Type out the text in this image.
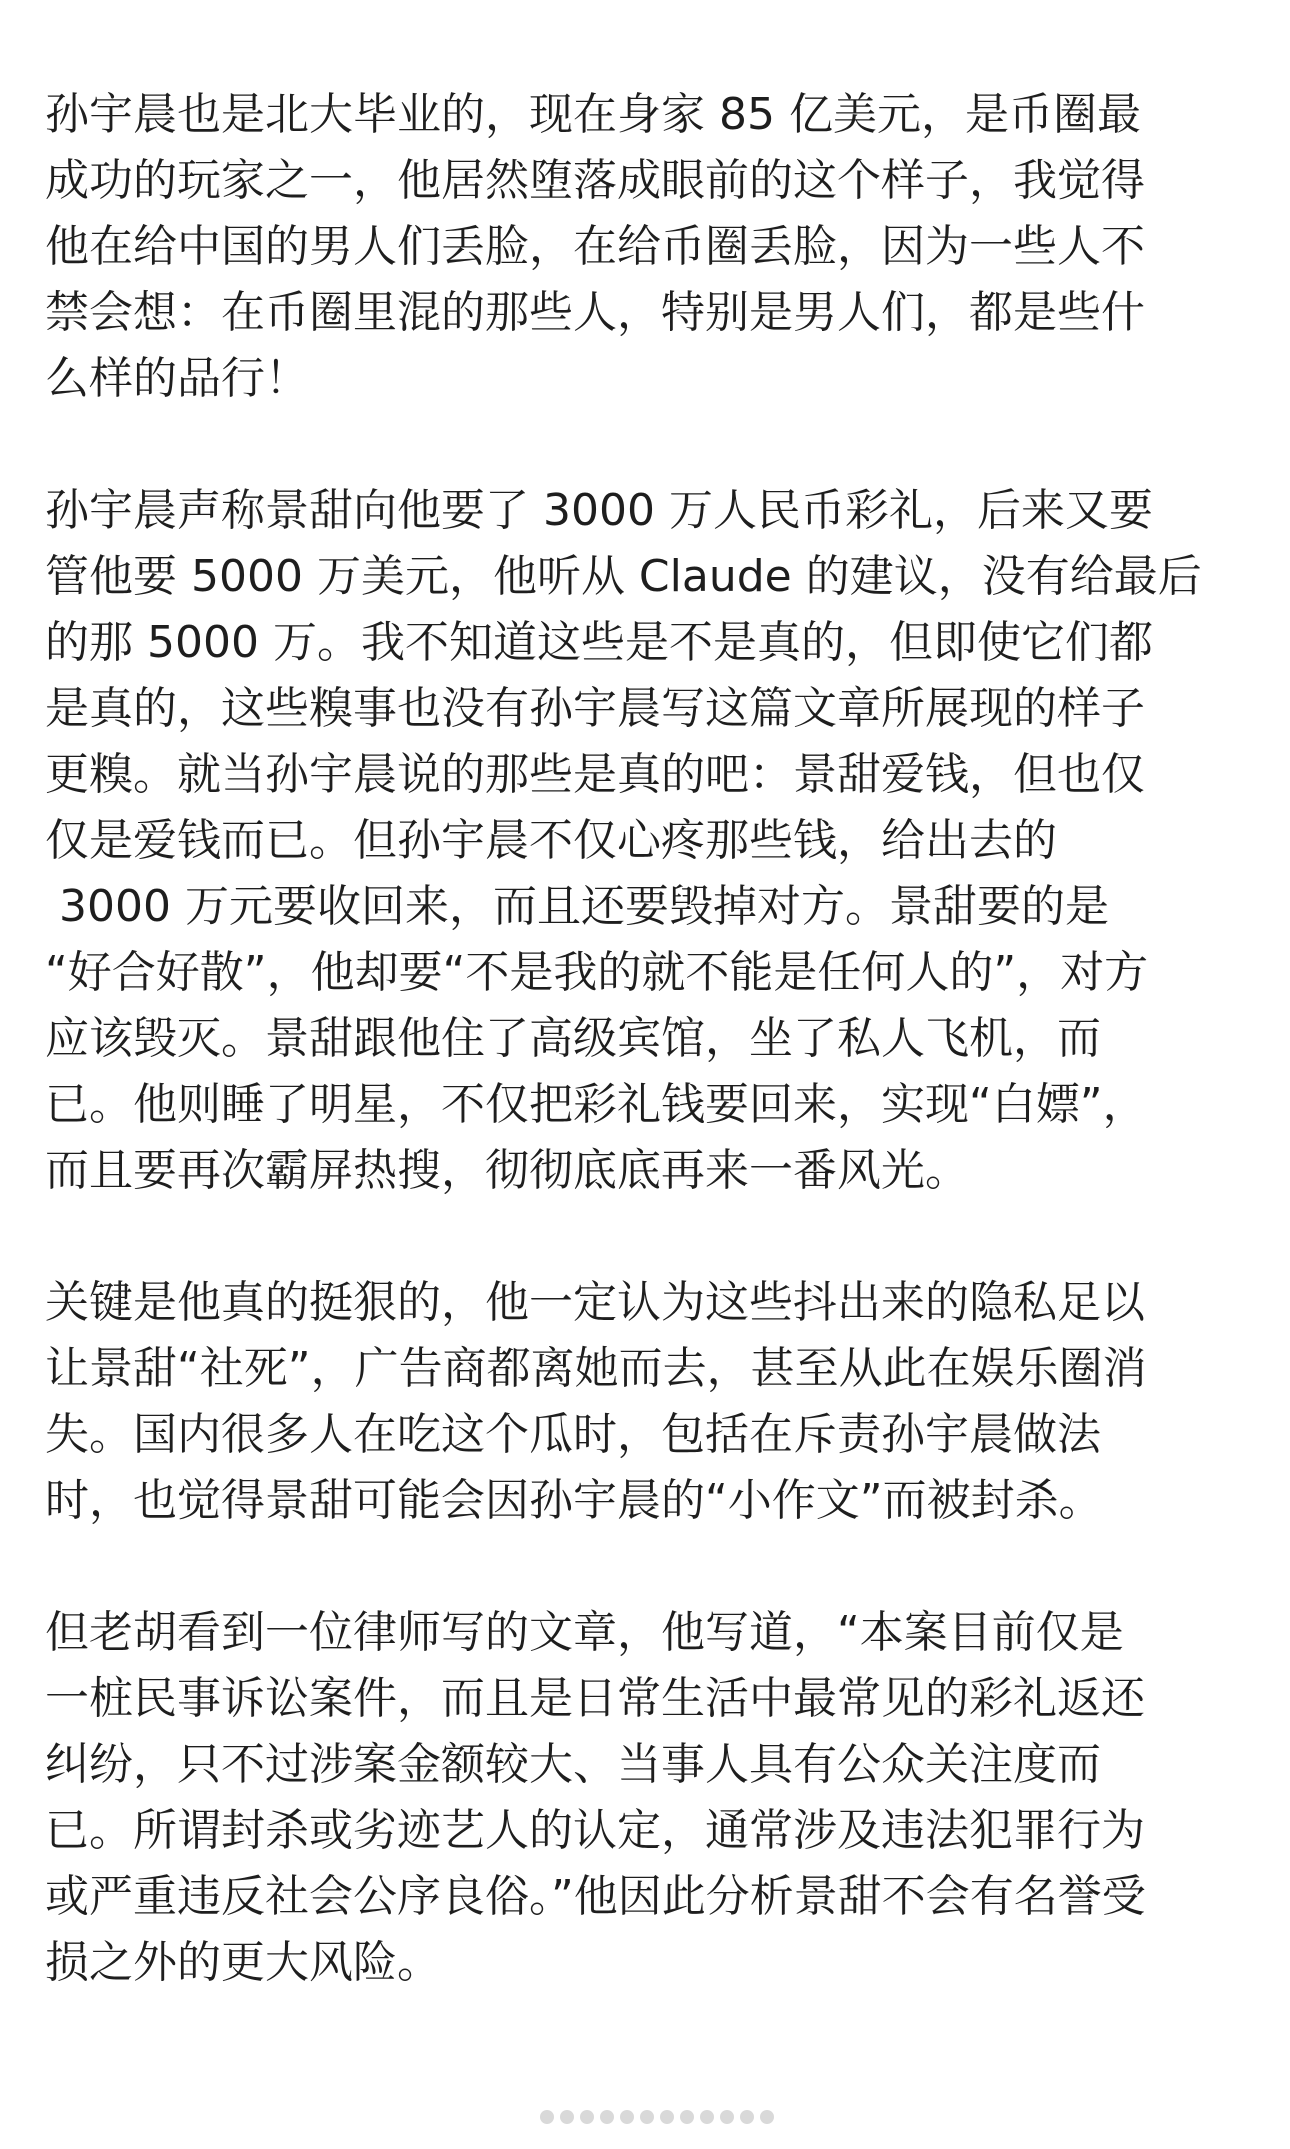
孙宇晨也是北大毕业的，现在身家 85 亿美元，是币圈最
成功的玩家之一，他居然堕落成眼前的这个样子，我觉得
他在给中国的男人们丢脸，在给币圈丢脸，因为一些人不
禁会想：在币圈里混的那些人，特别是男人们，都是些什
么样的品行！
孙宇晨声称景甜向他要了 3000 万人民币彩礼，后来又要
管他要 5000 万美元，他听从 Claude 的建议，没有给最后
的那 5000 万。我不知道这些是不是真的，但即使它们都
是真的，这些糗事也没有孙宇晨写这篇文章所展现的样子
更糗。就当孙宇晨说的那些是真的吧：景甜爱钱，但也仅
仅是爱钱而已。但孙宇晨不仅心疼那些钱，给出去的
3000 万元要收回来，而且还要毁掉对方。景甜要的是
“好合好散”，他却要“不是我的就不能是任何人的”，对方
应该毁灭。景甜跟他住了高级宾馆，坐了私人飞机，而
已。他则睡了明星，不仅把彩礼钱要回来，实现“白嫖”，
而且要再次霸屏热搜，彻彻底底再来一番风光。
关键是他真的挺狠的，他一定认为这些抖出来的隐私足以
让景甜“社死”，广告商都离她而去，甚至从此在娱乐圈消
失。国内很多人在吃这个瓜时，包括在斥责孙宇晨做法
时，也觉得景甜可能会因孙宇晨的“小作文”而被封杀。
但老胡看到一位律师写的文章，他写道，“本案目前仅是
一桩民事诉讼案件，而且是日常生活中最常见的彩礼返还
纠纷，只不过涉案金额较大、当事人具有公众关注度而
已。所谓封杀或劣迹艺人的认定，通常涉及违法犯罪行为
或严重违反社会公序良俗。”他因此分析景甜不会有名誉受
损之外的更大风险。
